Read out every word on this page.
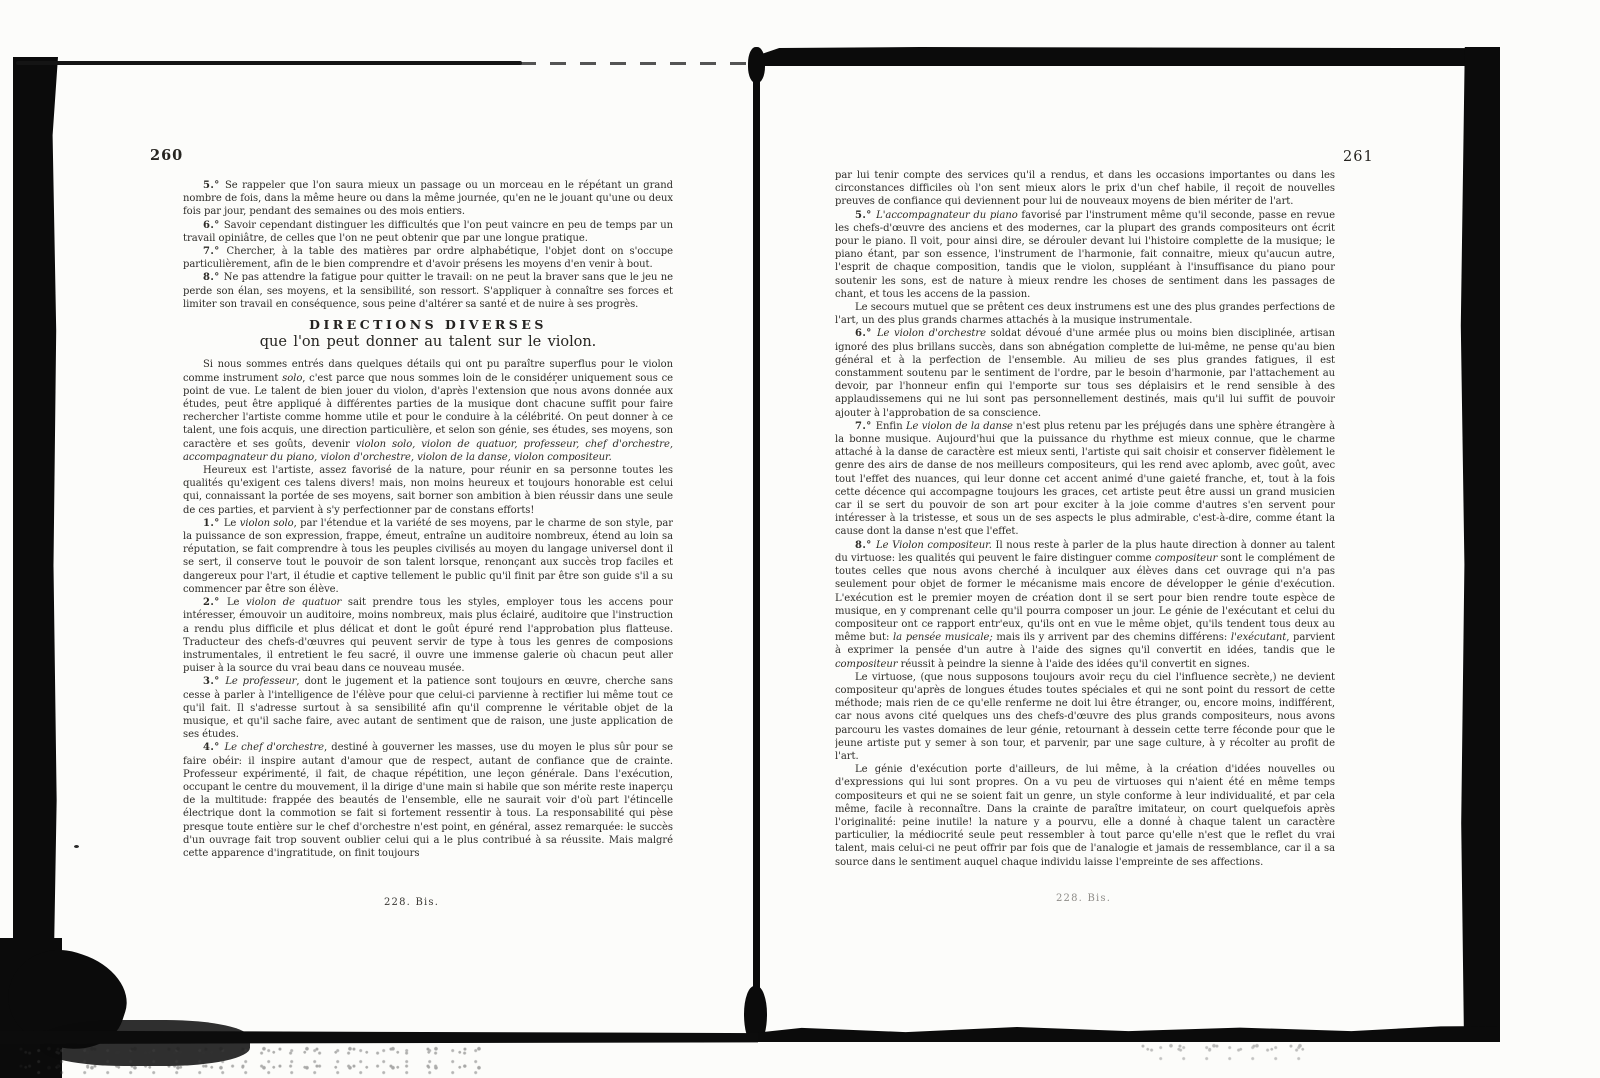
260

5.° Se rappeler que l'on saura mieux un passage ou un morceau en le répétant un grand nombre de fois, dans la même heure ou dans la même journée, qu'en ne le jouant qu'une ou deux fois par jour, pendant des semaines ou des mois entiers.

6.° Savoir cependant distinguer les difficultés que l'on peut vaincre en peu de temps par un travail opiniâtre, de celles que l'on ne peut obtenir que par une longue pratique.

7.° Chercher, à la table des matières par ordre alphabétique, l'objet dont on s'occupe particulièrement, afin de le bien comprendre et d'avoir présens les moyens d'en venir à bout.

8.° Ne pas attendre la fatigue pour quitter le travail: on ne peut la braver sans que le jeu ne perde son élan, ses moyens, et la sensibilité, son ressort. S'appliquer à connaître ses forces et limiter son travail en conséquence, sous peine d'altérer sa santé et de nuire à ses progrès.

DIRECTIONS DIVERSES
que l'on peut donner au talent sur le violon.

Si nous sommes entrés dans quelques détails qui ont pu paraître superflus pour le violon comme instrument solo, c'est parce que nous sommes loin de le considérer uniquement sous ce point de vue. Le talent de bien jouer du violon, d'après l'extension que nous avons donnée aux études, peut être appliqué à différentes parties de la musique dont chacune suffit pour faire rechercher l'artiste comme homme utile et pour le conduire à la célébrité. On peut donner à ce talent, une fois acquis, une direction particulière, et selon son génie, ses études, ses moyens, son caractère et ses goûts, devenir violon solo, violon de quatuor, professeur, chef d'orchestre, accompagnateur du piano, violon d'orchestre, violon de la danse, violon compositeur.

Heureux est l'artiste, assez favorisé de la nature, pour réunir en sa personne toutes les qualités qu'exigent ces talens divers! mais, non moins heureux et toujours honorable est celui qui, connaissant la portée de ses moyens, sait borner son ambition à bien réussir dans une seule de ces parties, et parvient à s'y perfectionner par de constans efforts!

1.° Le violon solo, par l'étendue et la variété de ses moyens, par le charme de son style, par la puissance de son expression, frappe, émeut, entraîne un auditoire nombreux, étend au loin sa réputation, se fait comprendre à tous les peuples civilisés au moyen du langage universel dont il se sert, il conserve tout le pouvoir de son talent lorsque, renonçant aux succès trop faciles et dangereux pour l'art, il étudie et captive tellement le public qu'il finit par être son guide s'il a su commencer par être son élève.

2.° Le violon de quatuor sait prendre tous les styles, employer tous les accens pour intéresser, émouvoir un auditoire, moins nombreux, mais plus éclairé, auditoire que l'instruction a rendu plus difficile et plus délicat et dont le goût épuré rend l'approbation plus flatteuse. Traducteur des chefs-d'œuvres qui peuvent servir de type à tous les genres de composions instrumentales, il entretient le feu sacré, il ouvre une immense galerie où chacun peut aller puiser à la source du vrai beau dans ce nouveau musée.

3.° Le professeur, dont le jugement et la patience sont toujours en œuvre, cherche sans cesse à parler à l'intelligence de l'élève pour que celui-ci parvienne à rectifier lui même tout ce qu'il fait. Il s'adresse surtout à sa sensibilité afin qu'il comprenne le véritable objet de la musique, et qu'il sache faire, avec autant de sentiment que de raison, une juste application de ses études.

4.° Le chef d'orchestre, destiné à gouverner les masses, use du moyen le plus sûr pour se faire obéir: il inspire autant d'amour que de respect, autant de confiance que de crainte. Professeur expérimenté, il fait, de chaque répétition, une leçon générale. Dans l'exécution, occupant le centre du mouvement, il la dirige d'une main si habile que son mérite reste inaperçu de la multitude: frappée des beautés de l'ensemble, elle ne saurait voir d'où part l'étincelle électrique dont la commotion se fait si fortement ressentir à tous. La responsabilité qui pèse presque toute entière sur le chef d'orchestre n'est point, en général, assez remarquée: le succès d'un ouvrage fait trop souvent oublier celui qui a le plus contribué à sa réussite. Mais malgré cette apparence d'ingratitude, on finit toujours

228. Bis.
261

par lui tenir compte des services qu'il a rendus, et dans les occasions importantes ou dans les circonstances difficiles où l'on sent mieux alors le prix d'un chef habile, il reçoit de nouvelles preuves de confiance qui deviennent pour lui de nouveaux moyens de bien mériter de l'art.

5.° L'accompagnateur du piano favorisé par l'instrument même qu'il seconde, passe en revue les chefs-d'œuvre des anciens et des modernes, car la plupart des grands compositeurs ont écrit pour le piano. Il voit, pour ainsi dire, se dérouler devant lui l'histoire complette de la musique; le piano étant, par son essence, l'instrument de l'harmonie, fait connaitre, mieux qu'aucun autre, l'esprit de chaque composition, tandis que le violon, suppléant à l'insuffisance du piano pour soutenir les sons, est de nature à mieux rendre les choses de sentiment dans les passages de chant, et tous les accens de la passion.

Le secours mutuel que se prêtent ces deux instrumens est une des plus grandes perfections de l'art, un des plus grands charmes attachés à la musique instrumentale.

6.° Le violon d'orchestre soldat dévoué d'une armée plus ou moins bien disciplinée, artisan ignoré des plus brillans succès, dans son abnégation complette de lui-même, ne pense qu'au bien général et à la perfection de l'ensemble. Au milieu de ses plus grandes fatigues, il est constamment soutenu par le sentiment de l'ordre, par le besoin d'harmonie, par l'attachement au devoir, par l'honneur enfin qui l'emporte sur tous ses déplaisirs et le rend sensible à des applaudissemens qui ne lui sont pas personnellement destinés, mais qu'il lui suffit de pouvoir ajouter à l'approbation de sa conscience.

7.° Enfin Le violon de la danse n'est plus retenu par les préjugés dans une sphère étrangère à la bonne musique. Aujourd'hui que la puissance du rhythme est mieux connue, que le charme attaché à la danse de caractère est mieux senti, l'artiste qui sait choisir et conserver fidèlement le genre des airs de danse de nos meilleurs compositeurs, qui les rend avec aplomb, avec goût, avec tout l'effet des nuances, qui leur donne cet accent animé d'une gaieté franche, et, tout à la fois cette décence qui accompagne toujours les graces, cet artiste peut être aussi un grand musicien car il se sert du pouvoir de son art pour exciter à la joie comme d'autres s'en servent pour intéresser à la tristesse, et sous un de ses aspects le plus admirable, c'est-à-dire, comme étant la cause dont la danse n'est que l'effet.

8.° Le Violon compositeur. Il nous reste à parler de la plus haute direction à donner au talent du virtuose: les qualités qui peuvent le faire distinguer comme compositeur sont le complément de toutes celles que nous avons cherché à inculquer aux élèves dans cet ouvrage qui n'a pas seulement pour objet de former le mécanisme mais encore de développer le génie d'exécution. L'exécution est le premier moyen de création dont il se sert pour bien rendre toute espèce de musique, en y comprenant celle qu'il pourra composer un jour. Le génie de l'exécutant et celui du compositeur ont ce rapport entr'eux, qu'ils ont en vue le même objet, qu'ils tendent tous deux au même but: la pensée musicale; mais ils y arrivent par des chemins différens: l'exécutant, parvient à exprimer la pensée d'un autre à l'aide des signes qu'il convertit en idées, tandis que le compositeur réussit à peindre la sienne à l'aide des idées qu'il convertit en signes.

Le virtuose, (que nous supposons toujours avoir reçu du ciel l'influence secrète,) ne devient compositeur qu'après de longues études toutes spéciales et qui ne sont point du ressort de cette méthode; mais rien de ce qu'elle renferme ne doit lui être étranger, ou, encore moins, indifférent, car nous avons cité quelques uns des chefs-d'œuvre des plus grands compositeurs, nous avons parcouru les vastes domaines de leur génie, retournant à dessein cette terre féconde pour que le jeune artiste put y semer à son tour, et parvenir, par une sage culture, à y récolter au profit de l'art.

Le génie d'exécution porte d'ailleurs, de lui même, à la création d'idées nouvelles ou d'expressions qui lui sont propres. On a vu peu de virtuoses qui n'aient été en même temps compositeurs et qui ne se soient fait un genre, un style conforme à leur individualité, et par cela même, facile à reconnaître. Dans la crainte de paraître imitateur, on court quelquefois après l'originalité: peine inutile! la nature y a pourvu, elle a donné à chaque talent un caractère particulier, la médiocrité seule peut ressembler à tout parce qu'elle n'est que le reflet du vrai talent, mais celui-ci ne peut offrir par fois que de l'analogie et jamais de ressemblance, car il a sa source dans le sentiment auquel chaque individu laisse l'empreinte de ses affections.

228. Bis.
